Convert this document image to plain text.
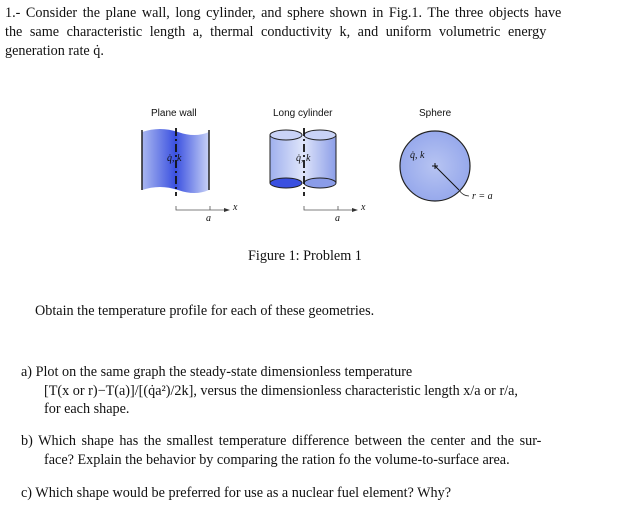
1.- Consider the plane wall, long cylinder, and sphere shown in Fig.1. The three objects have
the same characteristic length a, thermal conductivity k, and uniform volumetric energy
generation rate q̇.
Plane wall	Long cylinder	Sphere
q̇, k	q̇, k	q̇, k
x	x
a	a
r = a
Figure 1: Problem 1
Obtain the temperature profile for each of these geometries.
a) Plot on the same graph the steady-state dimensionless temperature
[T(x or r)−T(a)]/[(q̇a²)/2k], versus the dimensionless characteristic length x/a or r/a,
for each shape.
b) Which shape has the smallest temperature difference between the center and the sur-
face? Explain the behavior by comparing the ration fo the volume-to-surface area.
c) Which shape would be preferred for use as a nuclear fuel element? Why?
